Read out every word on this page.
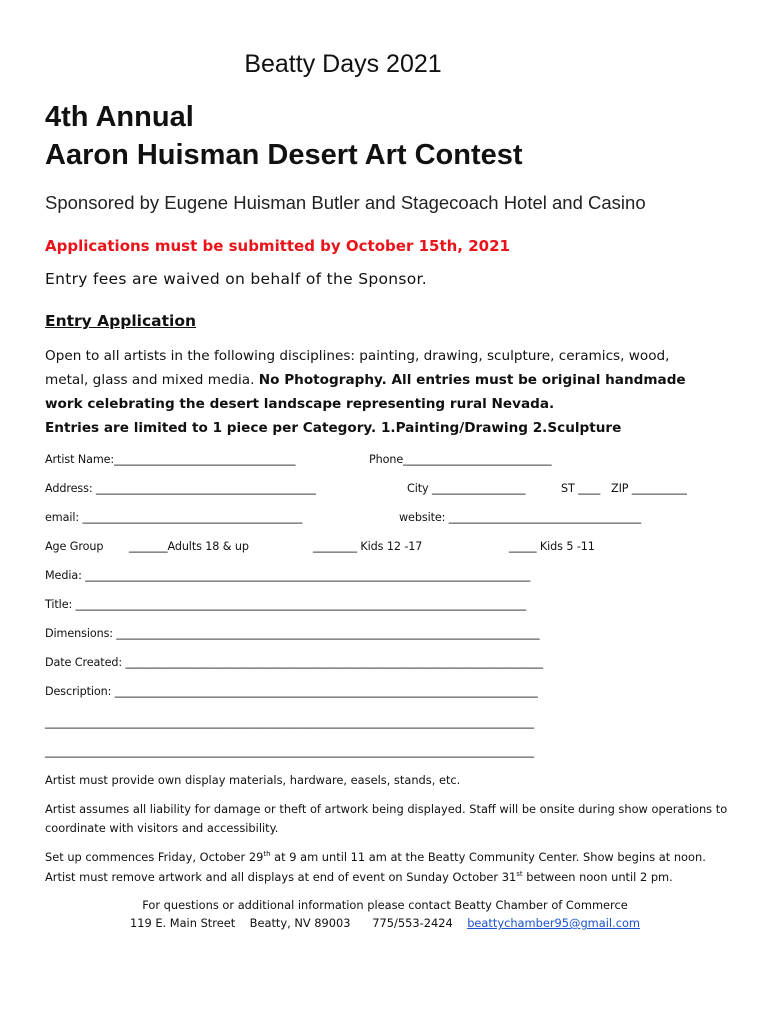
Beatty Days 2021
4th Annual
Aaron Huisman Desert Art Contest
Sponsored by Eugene Huisman Butler and Stagecoach Hotel and Casino
Applications must be submitted by October 15th, 2021
Entry fees are waived on behalf of the Sponsor.
Entry Application
Open to all artists in the following disciplines: painting, drawing, sculpture, ceramics, wood,
metal, glass and mixed media. No Photography. All entries must be original handmade
work celebrating the desert landscape representing rural Nevada.
Entries are limited to 1 piece per Category. 1.Painting/Drawing 2.Sculpture
Artist Name:_________________________________	Phone___________________________
Address: ________________________________________	City _________________	ST ____ ZIP __________
email: ________________________________________	website: ___________________________________
Age Group _______Adults 18 & up	________ Kids 12 -17	_____ Kids 5 -11
Media: _________________________________________________________________________________
Title: __________________________________________________________________________________
Dimensions: _____________________________________________________________________________
Date Created: ____________________________________________________________________________
Description: _____________________________________________________________________________
_________________________________________________________________________________________
_________________________________________________________________________________________
Artist must provide own display materials, hardware, easels, stands, etc.
Artist assumes all liability for damage or theft of artwork being displayed. Staff will be onsite during show operations to
coordinate with visitors and accessibility.
Set up commences Friday, October 29th at 9 am until 11 am at the Beatty Community Center. Show begins at noon.
Artist must remove artwork and all displays at end of event on Sunday October 31st between noon until 2 pm.
For questions or additional information please contact Beatty Chamber of Commerce
119 E. Main Street    Beatty, NV 89003      775/553-2424    beattychamber95@gmail.com
